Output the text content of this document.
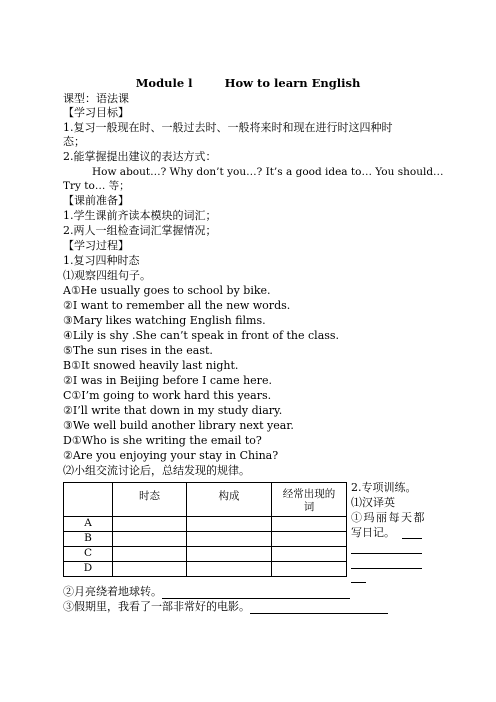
Module l	How to learn English
课型：语法课
【学习目标】
1.复习一般现在时、一般过去时、一般将来时和现在进行时这四种时
态；
2.能掌握提出建议的表达方式：
How about…? Why don’t you…? It’s a good idea to… You should…
Try to… 等；
【课前准备】
1.学生课前齐读本模块的词汇；
2.两人一组检查词汇掌握情况；
【学习过程】
1.复习四种时态
⑴观察四组句子。
A①He usually goes to school by bike.
②I want to remember all the new words.
③Mary likes watching English films.
④Lily is shy .She can’t speak in front of the class.
⑤The sun rises in the east.
B①It snowed heavily last night.
②I was in Beijing before I came here.
C①I’m going to work hard this years.
②I’ll write that down in my study diary.
③We well build another library next year.
D①Who is she writing the email to?
②Are you enjoying your stay in China?
⑵小组交流讨论后，总结发现的规律。
	时态	构成	经常出现的
词

A			
B			
C			
D			
2.专项训练。
⑴汉译英
①玛丽每天都
写日记。
②月亮绕着地球转。
③假期里，我看了一部非常好的电影。
